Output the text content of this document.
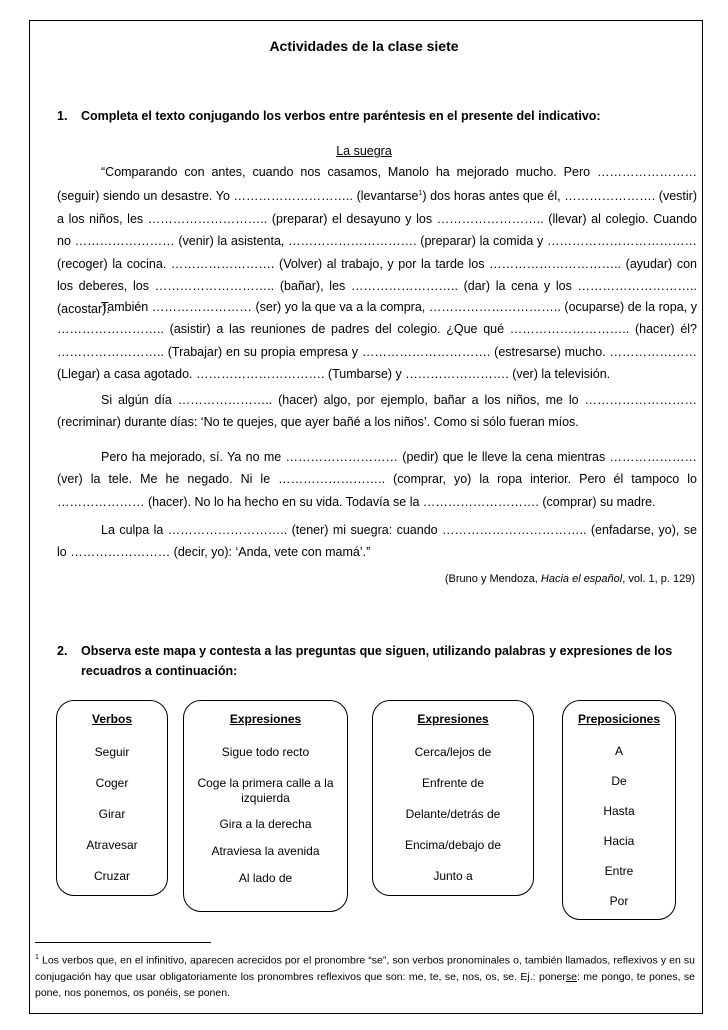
Actividades de la clase siete
1. Completa el texto conjugando los verbos entre paréntesis en el presente del indicativo:
La suegra

“Comparando con antes, cuando nos casamos, Manolo ha mejorado mucho. Pero …………………… (seguir) siendo un desastre. Yo ……………………….. (levantarse$^1$) dos horas antes que él, …………………. (vestir) a los niños, les ……………………….. (preparar) el desayuno y los …………………….. (llevar) al colegio. Cuando no …………………… (venir) la asistenta, …………………………. (preparar) la comida y ……………………………… (recoger) la cocina. ……………………. (Volver) al trabajo, y por la tarde los ………………………….. (ayudar) con los deberes, los ……………………….. (bañar), les …………………….. (dar) la cena y los ……………………….. (acostar).

También …………………… (ser) yo la que va a la compra, ………………………….. (ocuparse) de la ropa, y …………………….. (asistir) a las reuniones de padres del colegio. ¿Que qué ……………………….. (hacer) él? …………………….. (Trabajar) en su propia empresa y …………………………. (estresarse) mucho. ………………… (Llegar) a casa agotado. …………………………. (Tumbarse) y ……………………. (ver) la televisión.

Si algún día ………………….. (hacer) algo, por ejemplo, bañar a los niños, me lo ……………………… (recriminar) durante días: ‘No te quejes, que ayer bañé a los niños’. Como si sólo fueran míos.

Pero ha mejorado, sí. Ya no me ……………………… (pedir) que le lleve la cena mientras ………………… (ver) la tele. Me he negado. Ni le …………………….. (comprar, yo) la ropa interior. Pero él tampoco lo ………………… (hacer). No lo ha hecho en su vida. Todavía se la ………………………. (comprar) su madre.

La culpa la ……………………….. (tener) mi suegra: cuando …………………………….. (enfadarse, yo), se lo …………………… (decir, yo): ‘Anda, vete con mamá’.”

(Bruno y Mendoza, Hacia el español, vol. 1, p. 129)
2. Observa este mapa y contesta a las preguntas que siguen, utilizando palabras y expresiones de los
recuadros a continuación:
Verbos
Seguir
Coger
Girar
Atravesar
Cruzar
Expresiones
Sigue todo recto
Coge la primera calle a la izquierda
Gira a la derecha
Atraviesa la avenida
Al lado de
Expresiones
Cerca/lejos de
Enfrente de
Delante/detrás de
Encima/debajo de
Junto a
Preposiciones
A
De
Hasta
Hacia
Entre
Por
$^1$ Los verbos que, en el infinitivo, aparecen acrecidos por el pronombre “se”, son verbos pronominales o, también llamados, reflexivos y en su conjugación hay que usar obligatoriamente los pronombres reflexivos que son: me, te, se, nos, os, se. Ej.: ponerse: me pongo, te pones, se pone, nos ponemos, os ponéis, se ponen.
